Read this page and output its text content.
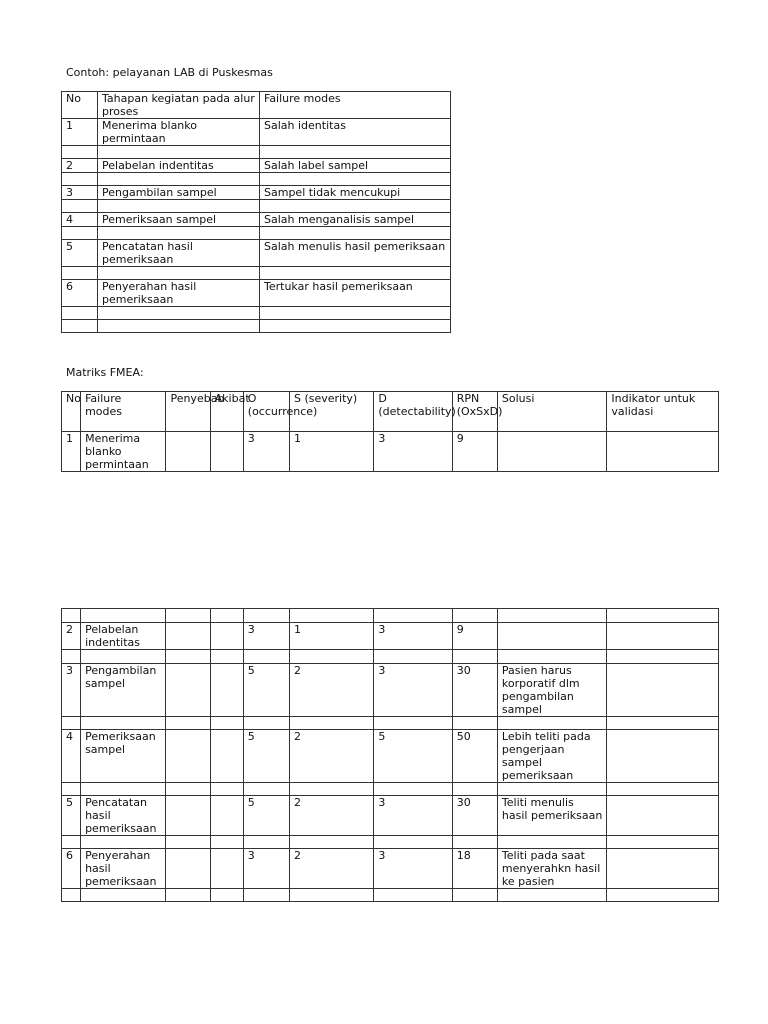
Contoh: pelayanan LAB di Puskesmas
No	Tahapan kegiatan pada alur proses	Failure modes
1	Menerima blanko permintaan	Salah identitas

2	Pelabelan indentitas	Salah label sampel

3	Pengambilan sampel	Sampel tidak mencukupi

4	Pemeriksaan sampel	Salah menganalisis sampel

5	Pencatatan hasil pemeriksaan	Salah menulis hasil pemeriksaan

6	Penyerahan hasil pemeriksaan	Tertukar hasil pemeriksaan

Matriks FMEA:
No	Failure modes	Penyebab	Akibat	O (occurrence)	S (severity)	D (detectability)	RPN (OxSxD)	Solusi	Indikator untuk validasi
1	Menerima blanko permintaan			3	1	3	9		

2	Pelabelan indentitas			3	1	3	9		

3	Pengambilan sampel			5	2	3	30	Pasien harus korporatif dlm pengambilan sampel	

4	Pemeriksaan sampel			5	2	5	50	Lebih teliti pada pengerjaan sampel pemeriksaan	

5	Pencatatan hasil pemeriksaan			5	2	3	30	Teliti menulis hasil pemeriksaan	

6	Penyerahan hasil pemeriksaan			3	2	3	18	Teliti pada saat menyerahkn hasil ke pasien	
